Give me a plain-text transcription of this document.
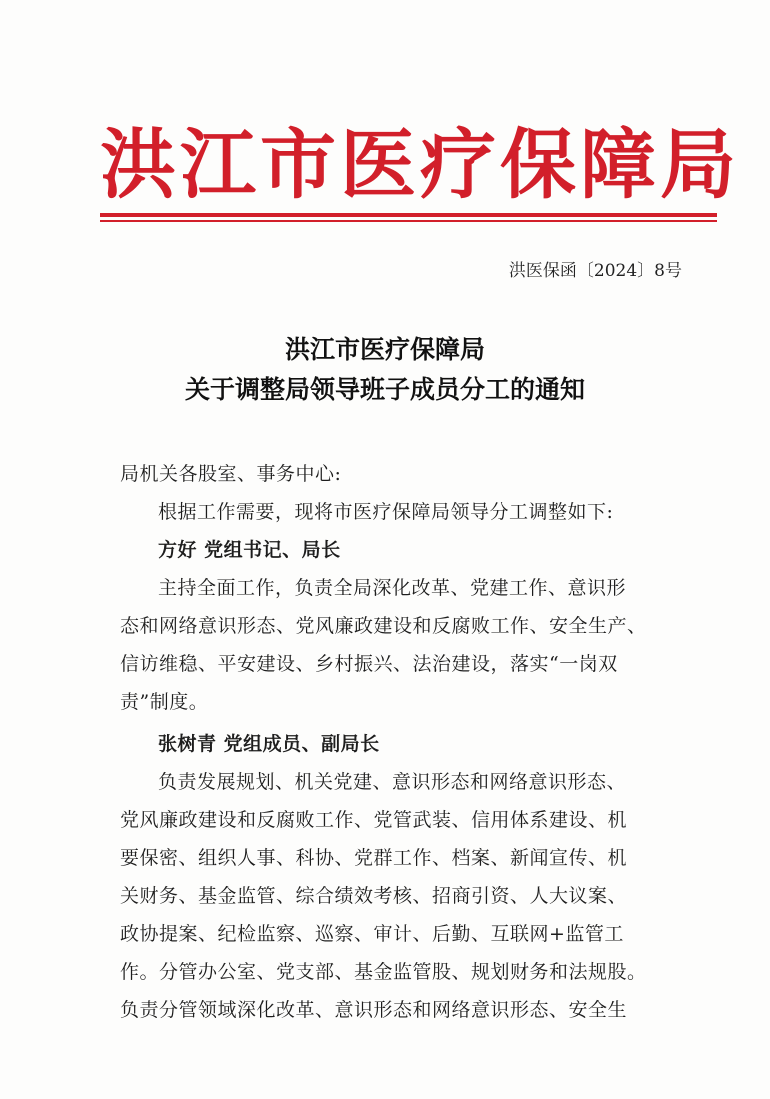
洪江市医疗保障局
洪医保函〔2024〕8号
洪江市医疗保障局
关于调整局领导班子成员分工的通知
局机关各股室、事务中心:
根据工作需要，现将市医疗保障局领导分工调整如下:
方好 党组书记、局长
主持全面工作，负责全局深化改革、党建工作、意识形
态和网络意识形态、党风廉政建设和反腐败工作、安全生产、
信访维稳、平安建设、乡村振兴、法治建设，落实“一岗双
责”制度。
张树青 党组成员、副局长
负责发展规划、机关党建、意识形态和网络意识形态、
党风廉政建设和反腐败工作、党管武装、信用体系建设、机
要保密、组织人事、科协、党群工作、档案、新闻宣传、机
关财务、基金监管、综合绩效考核、招商引资、人大议案、
政协提案、纪检监察、巡察、审计、后勤、互联网+监管工
作。分管办公室、党支部、基金监管股、规划财务和法规股。
负责分管领域深化改革、意识形态和网络意识形态、安全生
